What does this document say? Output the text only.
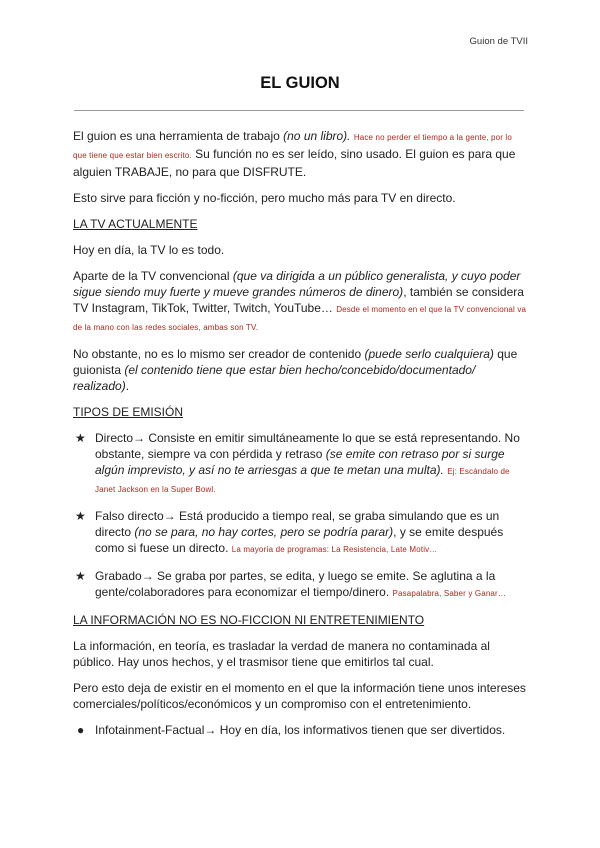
Guion de TVII
EL GUION

El guion es una herramienta de trabajo (no un libro). Hace no perder el tiempo a la gente, por lo que tiene que estar bien escrito. Su función no es ser leído, sino usado. El guion es para que alguien TRABAJE, no para que DISFRUTE.

Esto sirve para ficción y no-ficción, pero mucho más para TV en directo.

LA TV ACTUALMENTE

Hoy en día, la TV lo es todo.

Aparte de la TV convencional (que va dirigida a un público generalista, y cuyo poder sigue siendo muy fuerte y mueve grandes números de dinero), también se considera TV Instagram, TikTok, Twitter, Twitch, YouTube… Desde el momento en el que la TV convencional va de la mano con las redes sociales, ambas son TV.

No obstante, no es lo mismo ser creador de contenido (puede serlo cualquiera) que guionista (el contenido tiene que estar bien hecho/concebido/documentado/ realizado).

TIPOS DE EMISIÓN

★ Directo→ Consiste en emitir simultáneamente lo que se está representando. No obstante, siempre va con pérdida y retraso (se emite con retraso por si surge algún imprevisto, y así no te arriesgas a que te metan una multa). Ej: Escándalo de Janet Jackson en la Super Bowl.
★ Falso directo→ Está producido a tiempo real, se graba simulando que es un directo (no se para, no hay cortes, pero se podría parar), y se emite después como si fuese un directo. La mayoría de programas: La Resistencia, Late Motiv…
★ Grabado→ Se graba por partes, se edita, y luego se emite. Se aglutina a la gente/colaboradores para economizar el tiempo/dinero. Pasapalabra, Saber y Ganar…

LA INFORMACIÓN NO ES NO-FICCION NI ENTRETENIMIENTO

La información, en teoría, es trasladar la verdad de manera no contaminada al público. Hay unos hechos, y el trasmisor tiene que emitirlos tal cual.

Pero esto deja de existir en el momento en el que la información tiene unos intereses comerciales/políticos/económicos y un compromiso con el entretenimiento.

● Infotainment-Factual→ Hoy en día, los informativos tienen que ser divertidos.
